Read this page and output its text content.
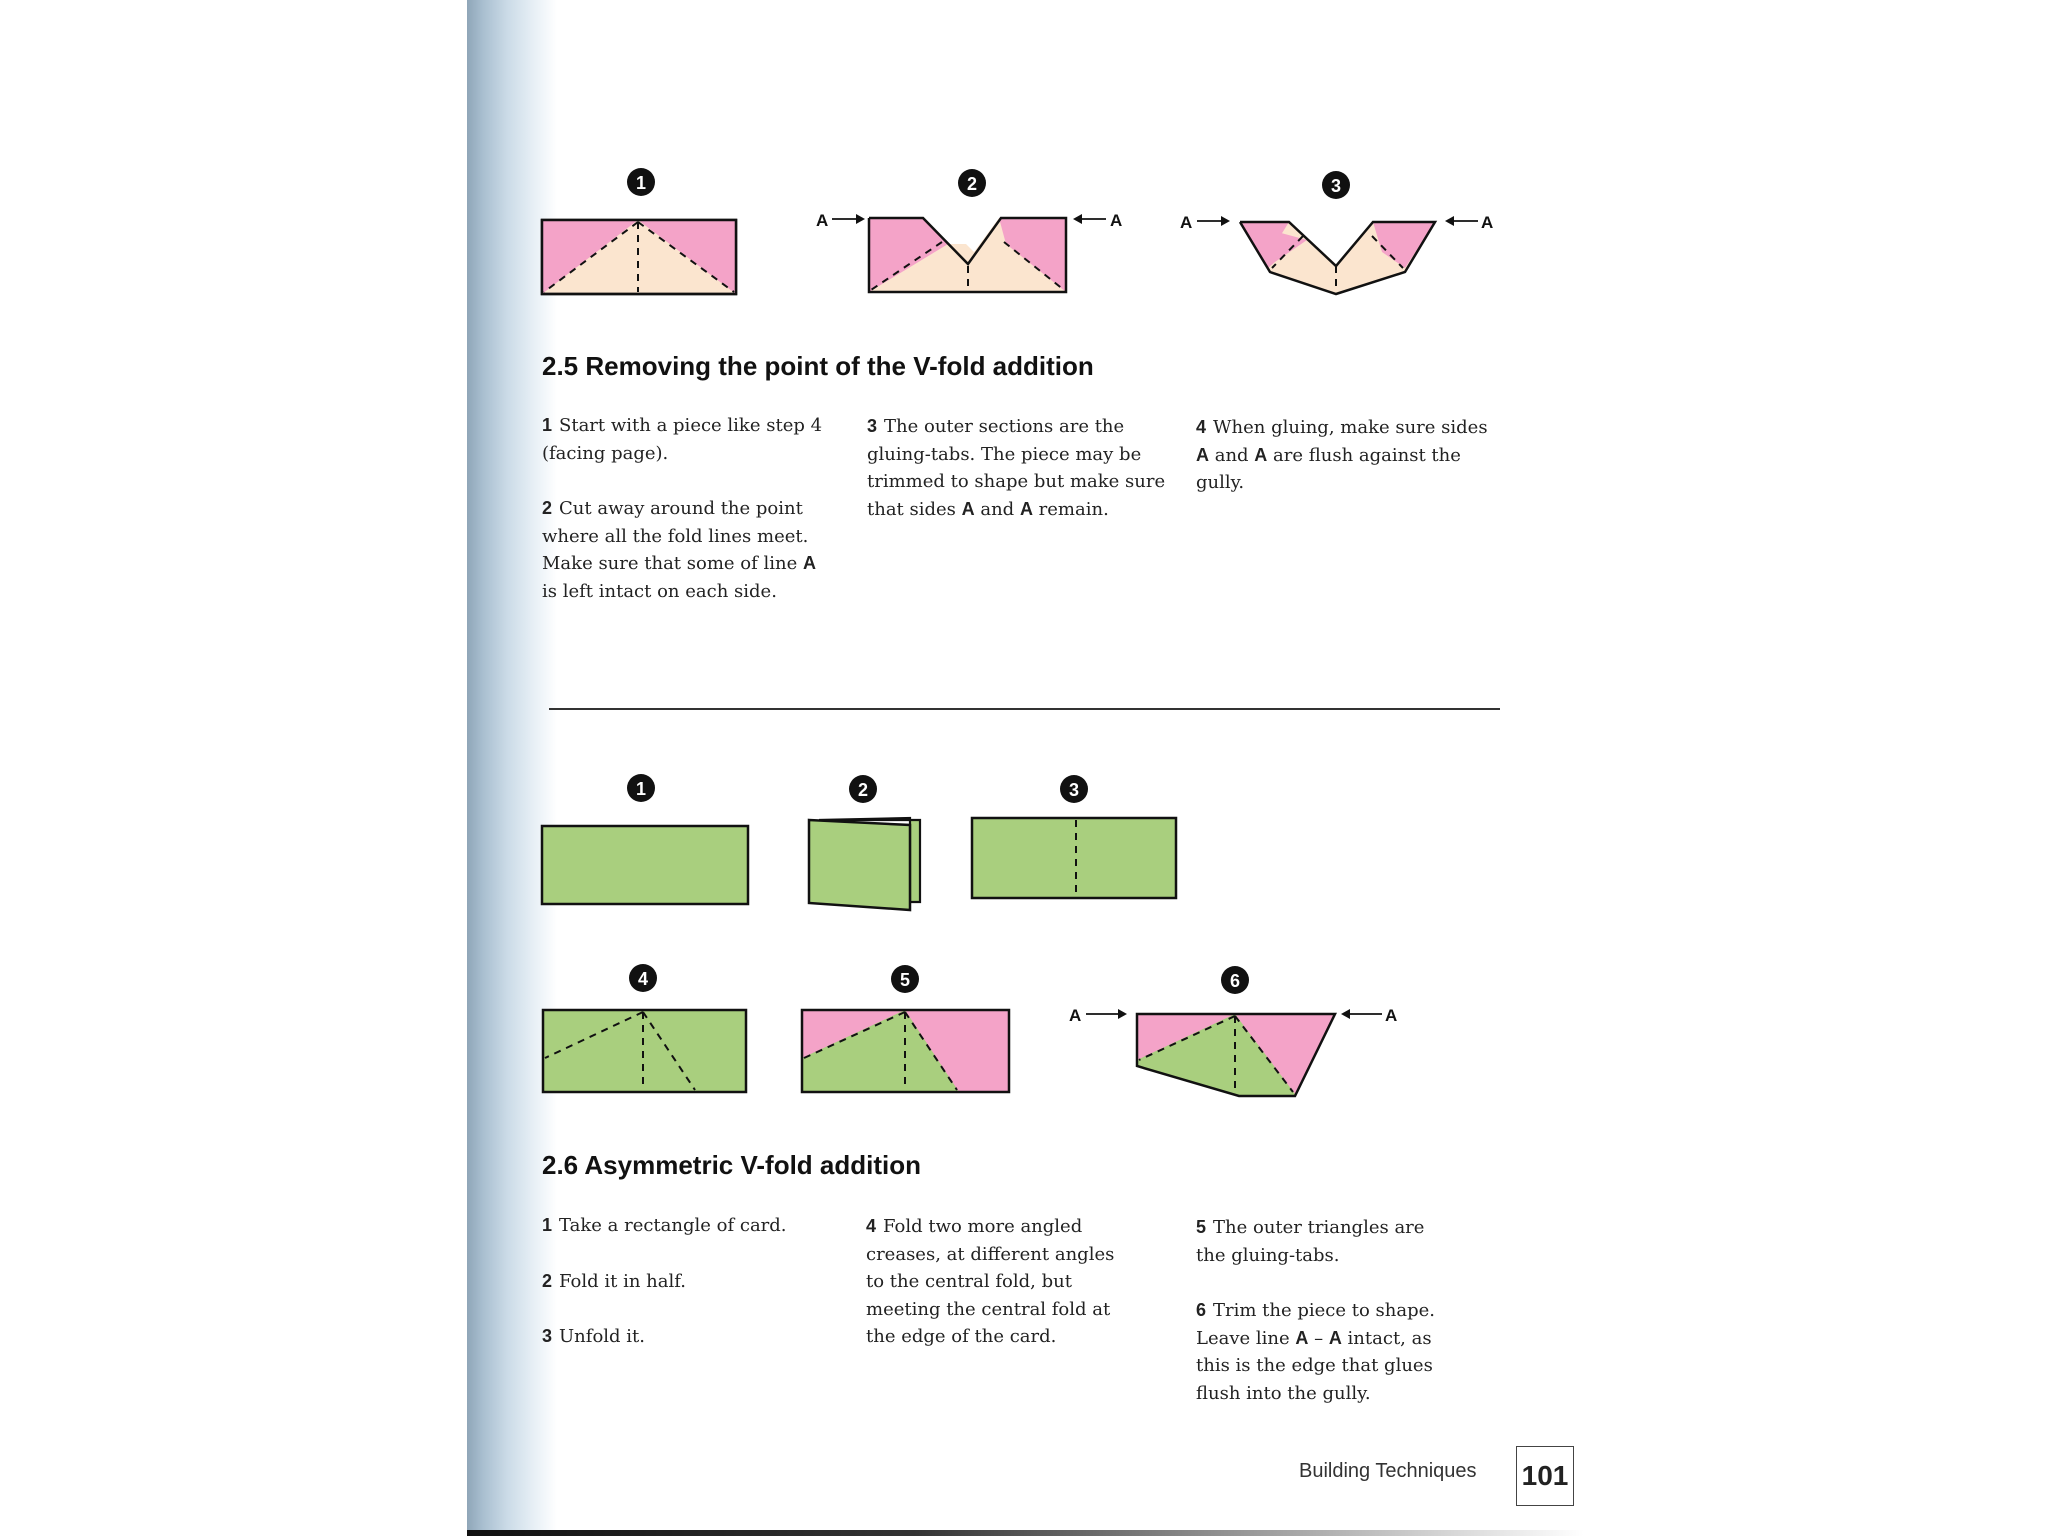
1	2	3
A	A	A	A
1	2	3
4	5	6
A	A
2.5 Removing the point of the V-fold addition

1 Start with a piece like step 4 (facing page).

2 Cut away around the point where all the fold lines meet. Make sure that some of line A is left intact on each side.

3 The outer sections are the gluing-tabs. The piece may be trimmed to shape but make sure that sides A and A remain.

4 When gluing, make sure sides A and A are flush against the gully.

2.6 Asymmetric V-fold addition

1 Take a rectangle of card.

2 Fold it in half.

3 Unfold it.

4 Fold two more angled creases, at different angles to the central fold, but meeting the central fold at the edge of the card.

5 The outer triangles are the gluing-tabs.

6 Trim the piece to shape. Leave line A – A intact, as this is the edge that glues flush into the gully.

Building Techniques 101
